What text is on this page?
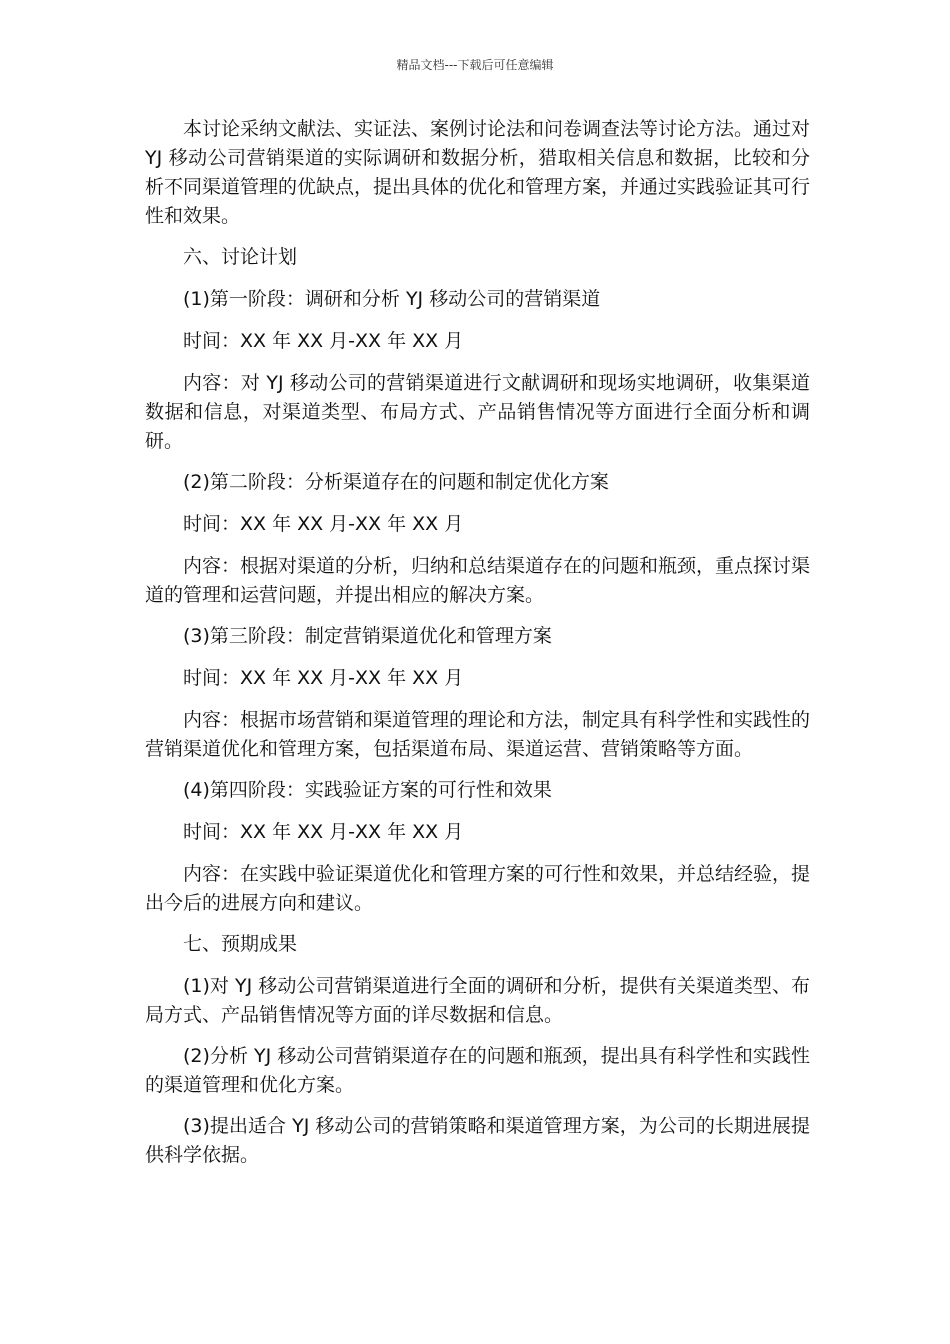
精品文档---下载后可任意编辑

本讨论采纳文献法、实证法、案例讨论法和问卷调查法等讨论方法。通过对 YJ 移动公司营销渠道的实际调研和数据分析，猎取相关信息和数据，比较和分析不同渠道管理的优缺点，提出具体的优化和管理方案，并通过实践验证其可行性和效果。

六、讨论计划

(1)第一阶段：调研和分析 YJ 移动公司的营销渠道

时间：XX 年 XX 月-XX 年 XX 月

内容：对 YJ 移动公司的营销渠道进行文献调研和现场实地调研，收集渠道数据和信息，对渠道类型、布局方式、产品销售情况等方面进行全面分析和调研。

(2)第二阶段：分析渠道存在的问题和制定优化方案

时间：XX 年 XX 月-XX 年 XX 月

内容：根据对渠道的分析，归纳和总结渠道存在的问题和瓶颈，重点探讨渠道的管理和运营问题，并提出相应的解决方案。

(3)第三阶段：制定营销渠道优化和管理方案

时间：XX 年 XX 月-XX 年 XX 月

内容：根据市场营销和渠道管理的理论和方法，制定具有科学性和实践性的营销渠道优化和管理方案，包括渠道布局、渠道运营、营销策略等方面。

(4)第四阶段：实践验证方案的可行性和效果

时间：XX 年 XX 月-XX 年 XX 月

内容：在实践中验证渠道优化和管理方案的可行性和效果，并总结经验，提出今后的进展方向和建议。

七、预期成果

(1)对 YJ 移动公司营销渠道进行全面的调研和分析，提供有关渠道类型、布局方式、产品销售情况等方面的详尽数据和信息。

(2)分析 YJ 移动公司营销渠道存在的问题和瓶颈，提出具有科学性和实践性的渠道管理和优化方案。

(3)提出适合 YJ 移动公司的营销策略和渠道管理方案，为公司的长期进展提供科学依据。
